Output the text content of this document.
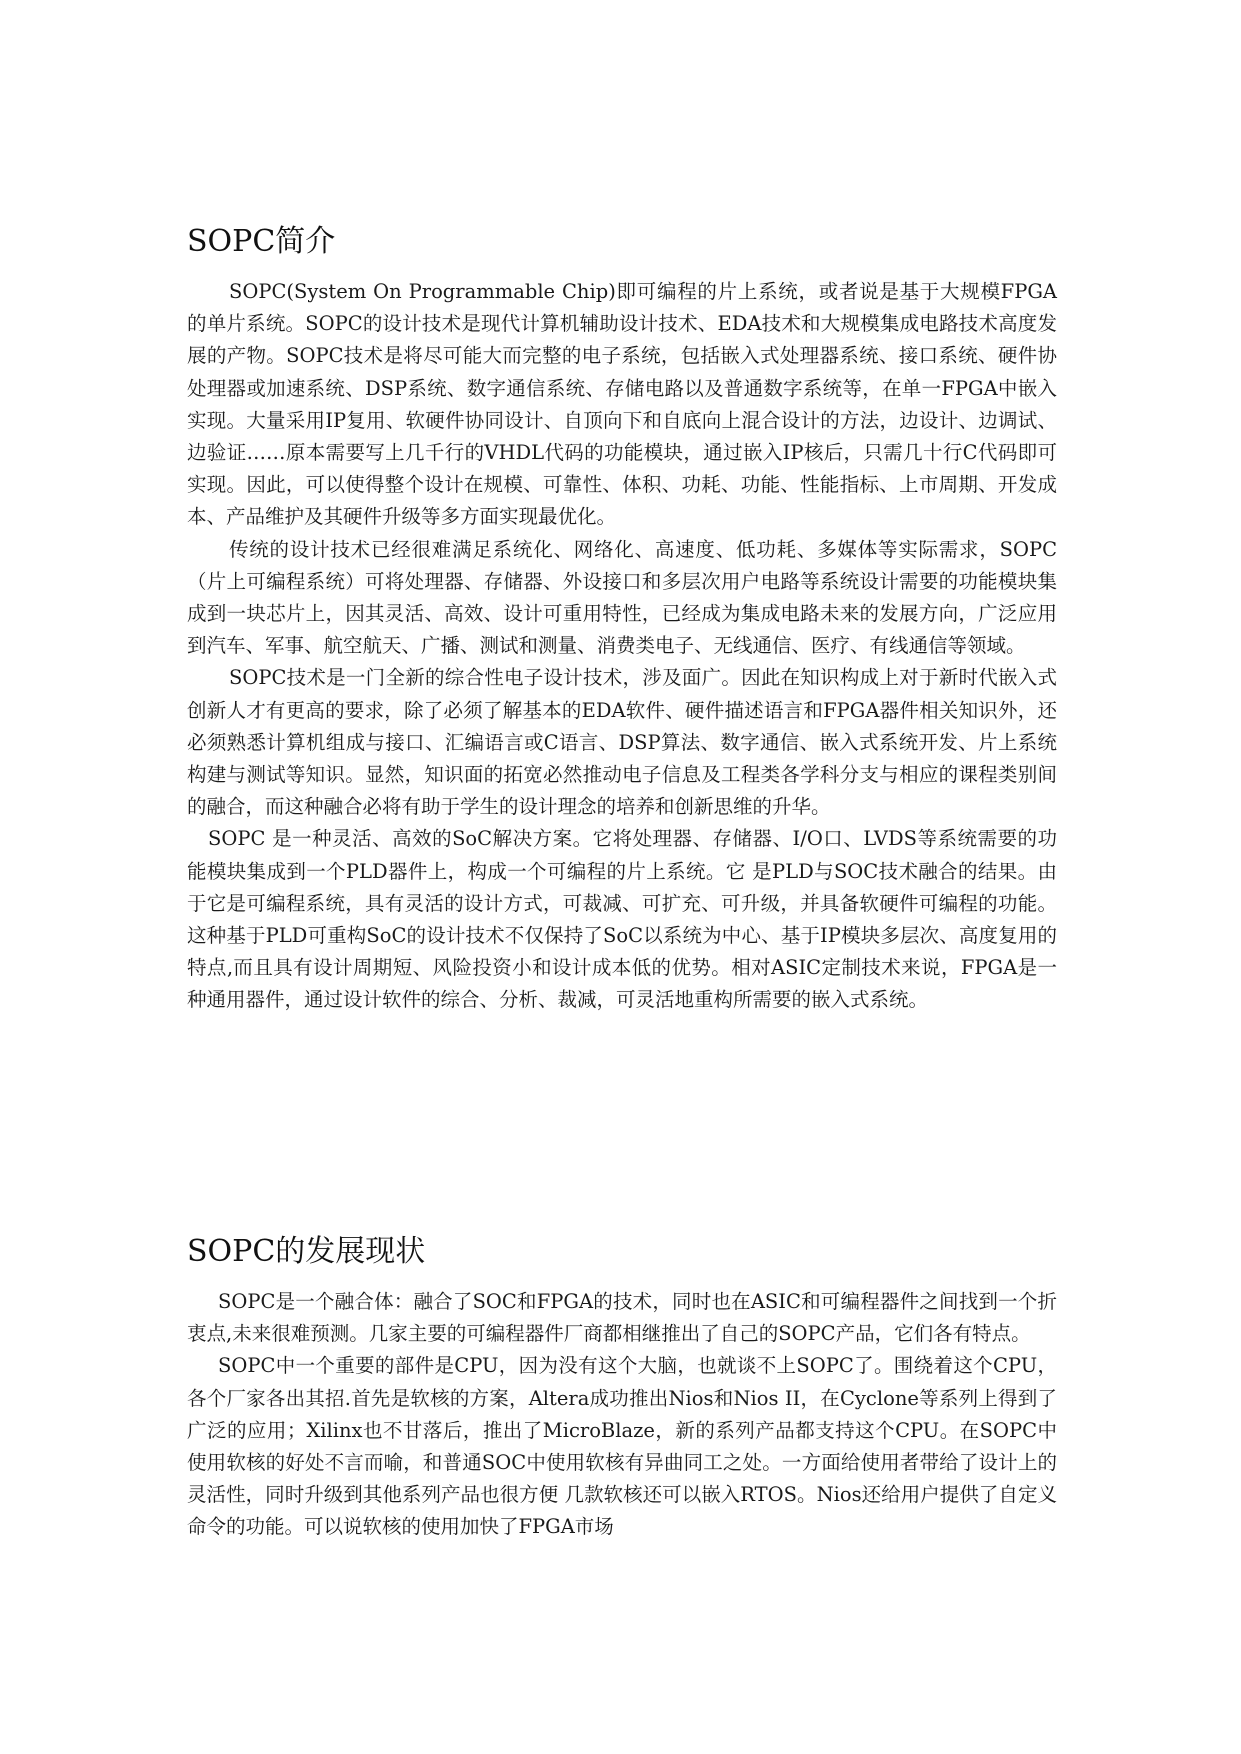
SOPC简介

SOPC(System On Programmable Chip)即可编程的片上系统，或者说是基于大规模FPGA的单片系统。SOPC的设计技术是现代计算机辅助设计技术、EDA技术和大规模集成电路技术高度发展的产物。SOPC技术是将尽可能大而完整的电子系统，包括嵌入式处理器系统、接口系统、硬件协处理器或加速系统、DSP系统、数字通信系统、存储电路以及普通数字系统等，在单一FPGA中嵌入实现。大量采用IP复用、软硬件协同设计、自顶向下和自底向上混合设计的方法，边设计、边调试、边验证……原本需要写上几千行的VHDL代码的功能模块，通过嵌入IP核后，只需几十行C代码即可实现。因此，可以使得整个设计在规模、可靠性、体积、功耗、功能、性能指标、上市周期、开发成本、产品维护及其硬件升级等多方面实现最优化。

传统的设计技术已经很难满足系统化、网络化、高速度、低功耗、多媒体等实际需求，SOPC（片上可编程系统）可将处理器、存储器、外设接口和多层次用户电路等系统设计需要的功能模块集成到一块芯片上，因其灵活、高效、设计可重用特性，已经成为集成电路未来的发展方向，广泛应用到汽车、军事、航空航天、广播、测试和测量、消费类电子、无线通信、医疗、有线通信等领域。

SOPC技术是一门全新的综合性电子设计技术，涉及面广。因此在知识构成上对于新时代嵌入式创新人才有更高的要求，除了必须了解基本的EDA软件、硬件描述语言和FPGA器件相关知识外，还必须熟悉计算机组成与接口、汇编语言或C语言、DSP算法、数字通信、嵌入式系统开发、片上系统构建与测试等知识。显然，知识面的拓宽必然推动电子信息及工程类各学科分支与相应的课程类别间的融合，而这种融合必将有助于学生的设计理念的培养和创新思维的升华。

SOPC 是一种灵活、高效的SoC解决方案。它将处理器、存储器、I/O口、LVDS等系统需要的功能模块集成到一个PLD器件上，构成一个可编程的片上系统。它 是PLD与SOC技术融合的结果。由于它是可编程系统，具有灵活的设计方式，可裁减、可扩充、可升级，并具备软硬件可编程的功能。这种基于PLD可重构SoC的设计技术不仅保持了SoC以系统为中心、基于IP模块多层次、高度复用的特点,而且具有设计周期短、风险投资小和设计成本低的优势。相对ASIC定制技术来说，FPGA是一种通用器件，通过设计软件的综合、分析、裁减，可灵活地重构所需要的嵌入式系统。

SOPC的发展现状

SOPC是一个融合体：融合了SOC和FPGA的技术，同时也在ASIC和可编程器件之间找到一个折衷点,未来很难预测。几家主要的可编程器件厂商都相继推出了自己的SOPC产品，它们各有特点。

SOPC中一个重要的部件是CPU，因为没有这个大脑，也就谈不上SOPC了。围绕着这个CPU，各个厂家各出其招.首先是软核的方案，Altera成功推出Nios和Nios II，在Cyclone等系列上得到了广泛的应用；Xilinx也不甘落后，推出了MicroBlaze，新的系列产品都支持这个CPU。在SOPC中使用软核的好处不言而喻，和普通SOC中使用软核有异曲同工之处。一方面给使用者带给了设计上的灵活性，同时升级到其他系列产品也很方便 几款软核还可以嵌入RTOS。Nios还给用户提供了自定义命令的功能。可以说软核的使用加快了FPGA市场
